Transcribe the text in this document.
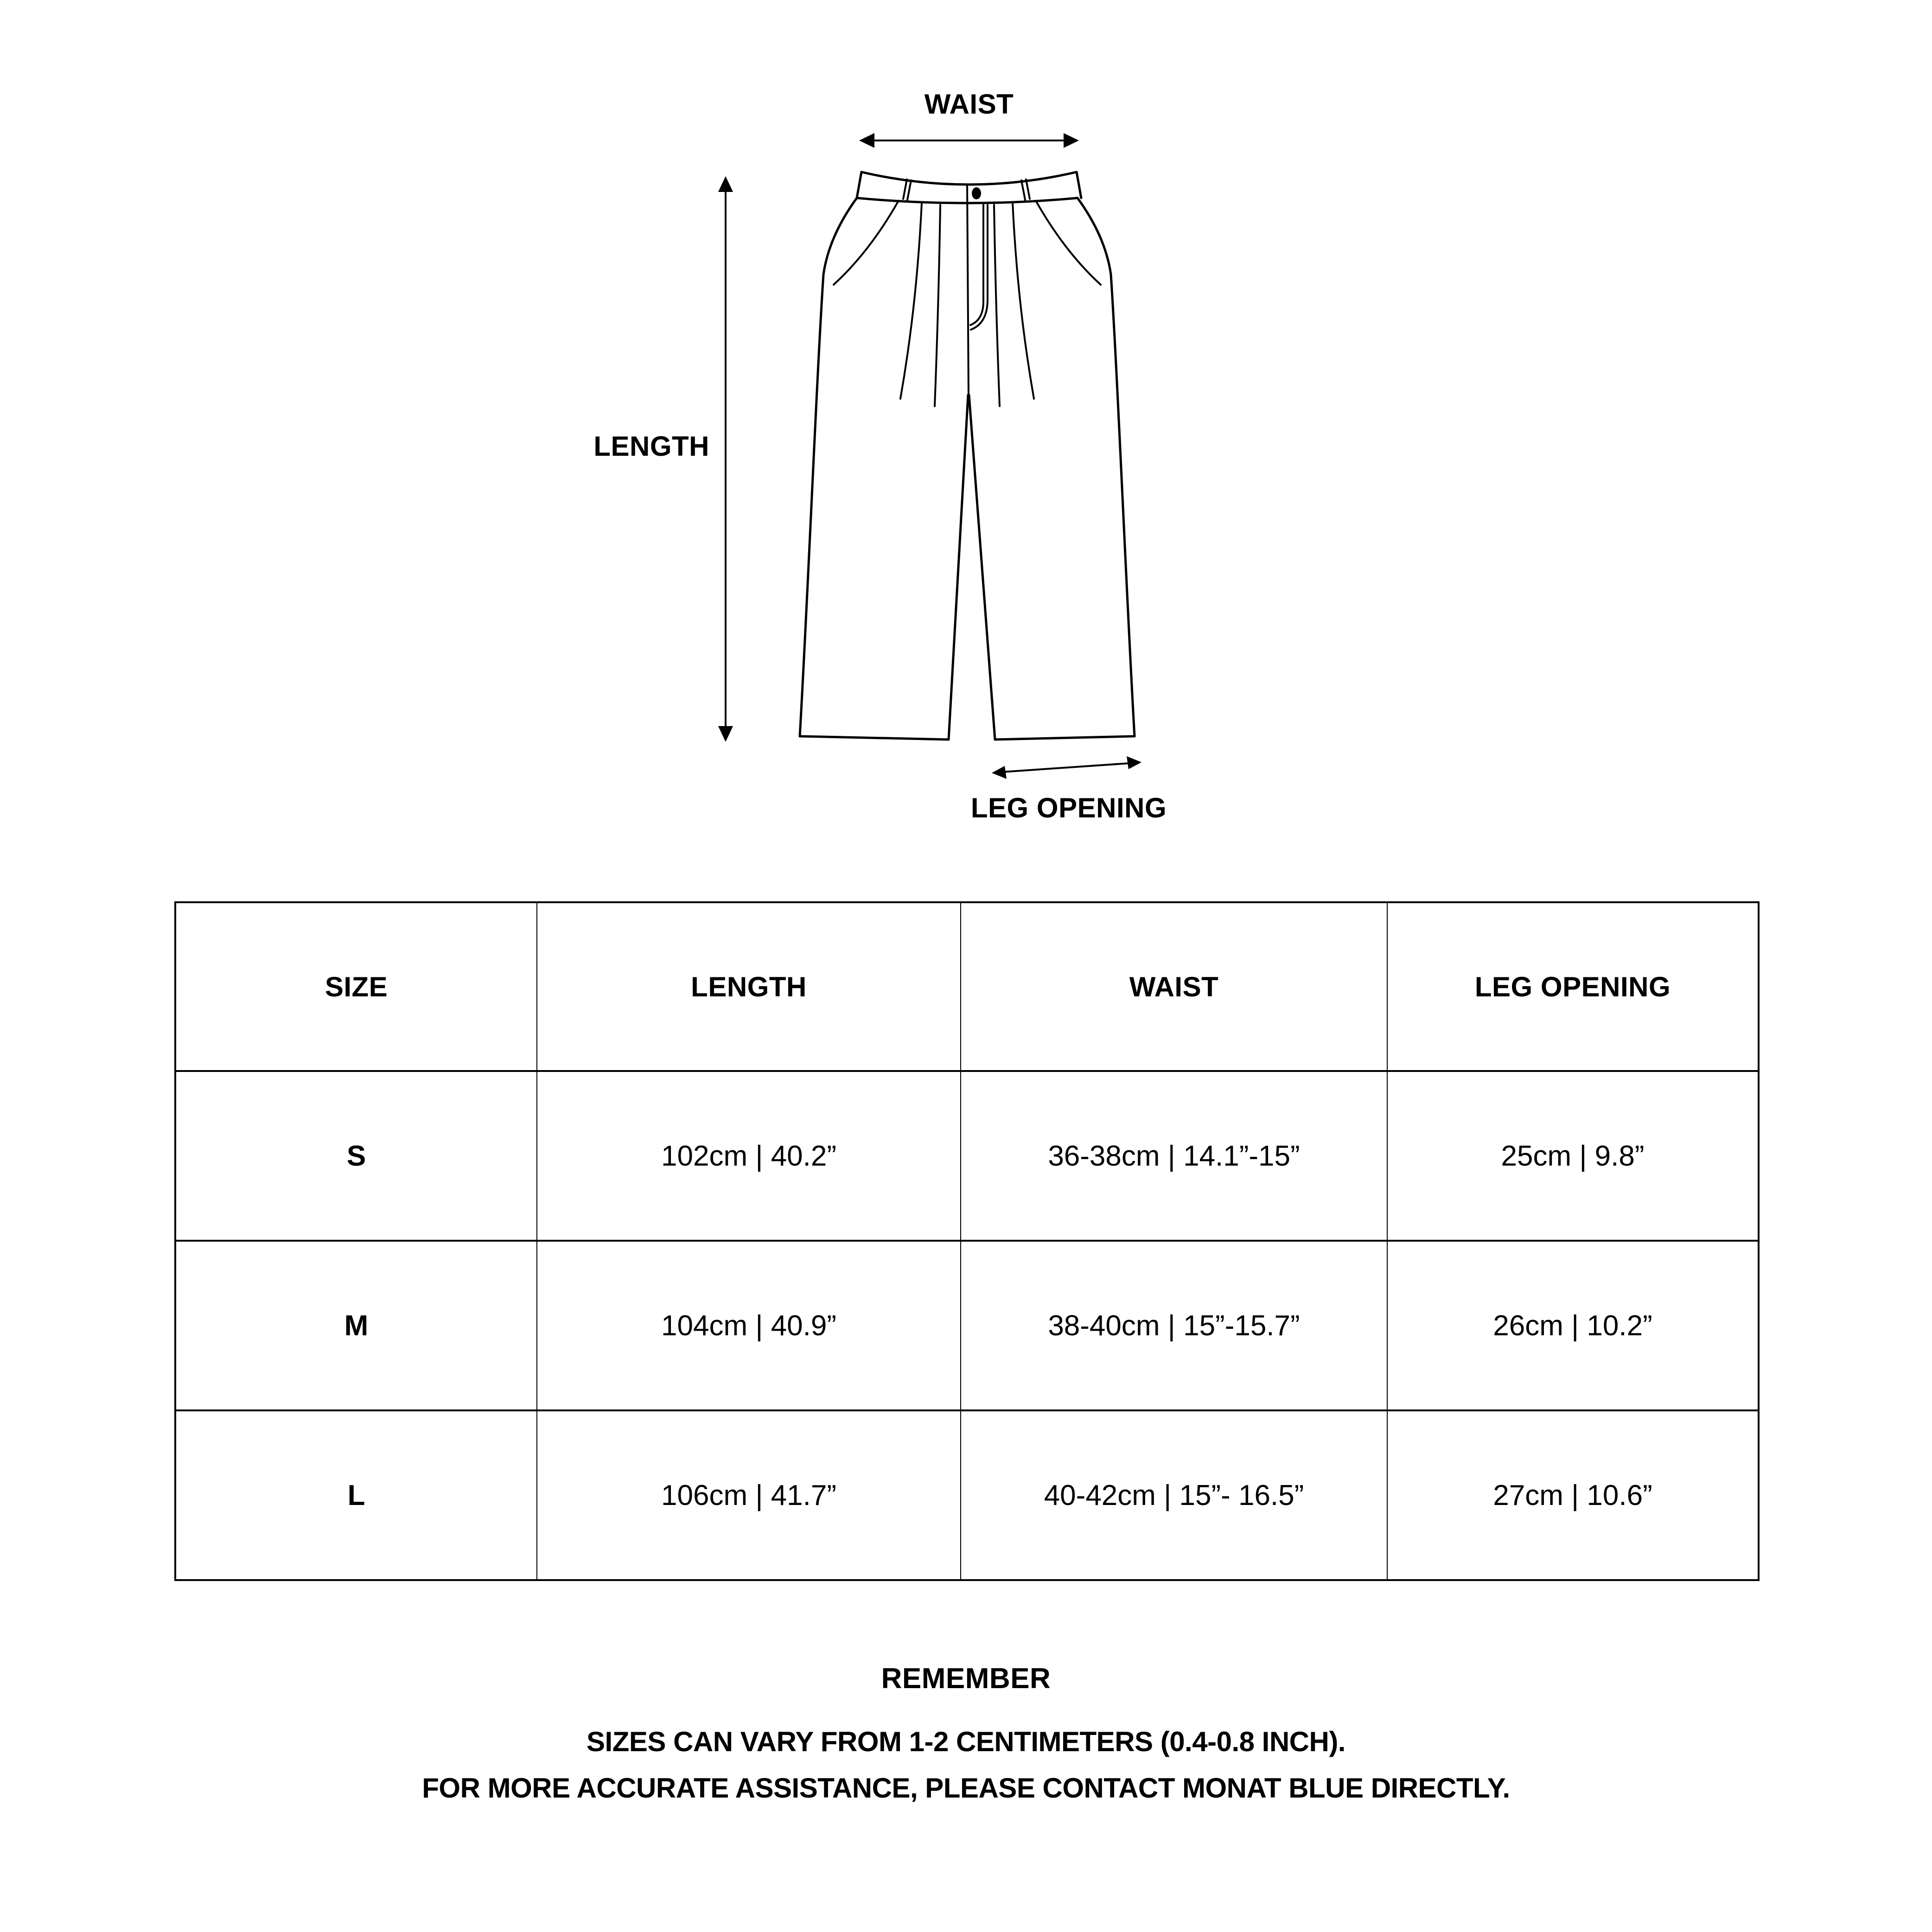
WAIST
LENGTH
LEG OPENING
SIZE	LENGTH	WAIST	LEG OPENING
S	102cm | 40.2”	36-38cm | 14.1”-15”	25cm | 9.8”
M	104cm | 40.9”	38-40cm | 15”-15.7”	26cm | 10.2”
L	106cm | 41.7”	40-42cm | 15”- 16.5”	27cm | 10.6”
REMEMBER
SIZES CAN VARY FROM 1-2 CENTIMETERS (0.4-0.8 INCH).
FOR MORE ACCURATE ASSISTANCE, PLEASE CONTACT MONAT BLUE DIRECTLY.
